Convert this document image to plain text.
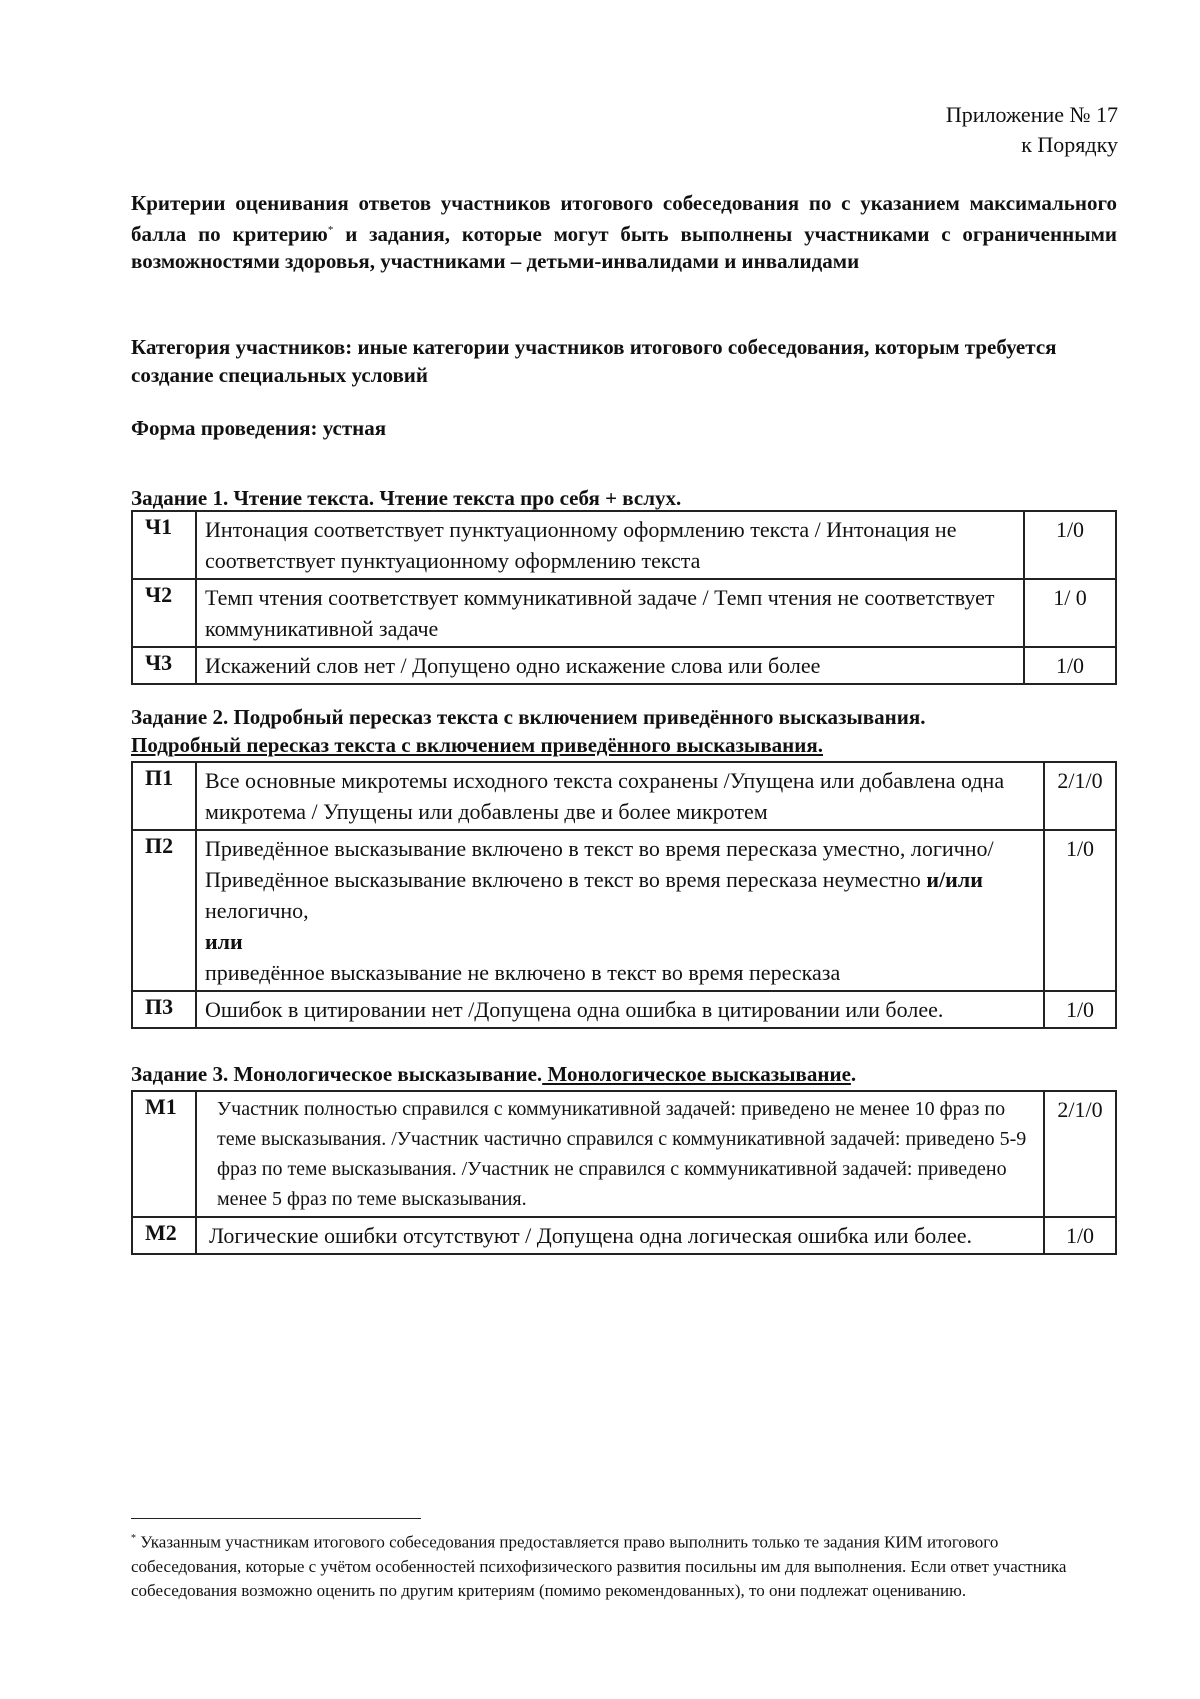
Приложение № 17
к Порядку
Критерии оценивания ответов участников итогового собеседования по с указанием максимального балла по критерию* и задания, которые могут быть выполнены участниками с ограниченными возможностями здоровья, участниками – детьми-инвалидами и инвалидами
Категория участников: иные категории участников итогового собеседования, которым требуется создание специальных условий
Форма проведения: устная
Задание 1. Чтение текста. Чтение текста про себя + вслух.
Ч1	Интонация соответствует пунктуационному оформлению текста / Интонация не соответствует пунктуационному оформлению текста	1/0
Ч2	Темп чтения соответствует коммуникативной задаче / Темп чтения не соответствует коммуникативной задаче	1/ 0
Ч3	Искажений слов нет / Допущено одно искажение слова или более	1/0
Задание 2. Подробный пересказ текста с включением приведённого высказывания.
Подробный пересказ текста с включением приведённого высказывания.
П1	Все основные микротемы исходного текста сохранены /Упущена или добавлена одна микротема / Упущены или добавлены две и более микротем	2/1/0
П2	Приведённое высказывание включено в текст во время пересказа уместно, логично/ Приведённое высказывание включено в текст во время пересказа неуместно и/или нелогично,
или
приведённое высказывание не включено в текст во время пересказа	1/0
П3	Ошибок в цитировании нет /Допущена одна ошибка в цитировании или более.	1/0
Задание 3. Монологическое высказывание. Монологическое высказывание.
М1	Участник полностью справился с коммуникативной задачей: приведено не менее 10 фраз по теме высказывания. /Участник частично справился с коммуникативной задачей: приведено 5-9 фраз по теме высказывания. /Участник не справился с коммуникативной задачей: приведено менее 5 фраз по теме высказывания.	2/1/0
М2	Логические ошибки отсутствуют / Допущена одна логическая ошибка или более.	1/0
* Указанным участникам итогового собеседования предоставляется право выполнить только те задания КИМ итогового собеседования, которые с учётом особенностей психофизического развития посильны им для выполнения. Если ответ участника собеседования возможно оценить по другим критериям (помимо рекомендованных), то они подлежат оцениванию.
